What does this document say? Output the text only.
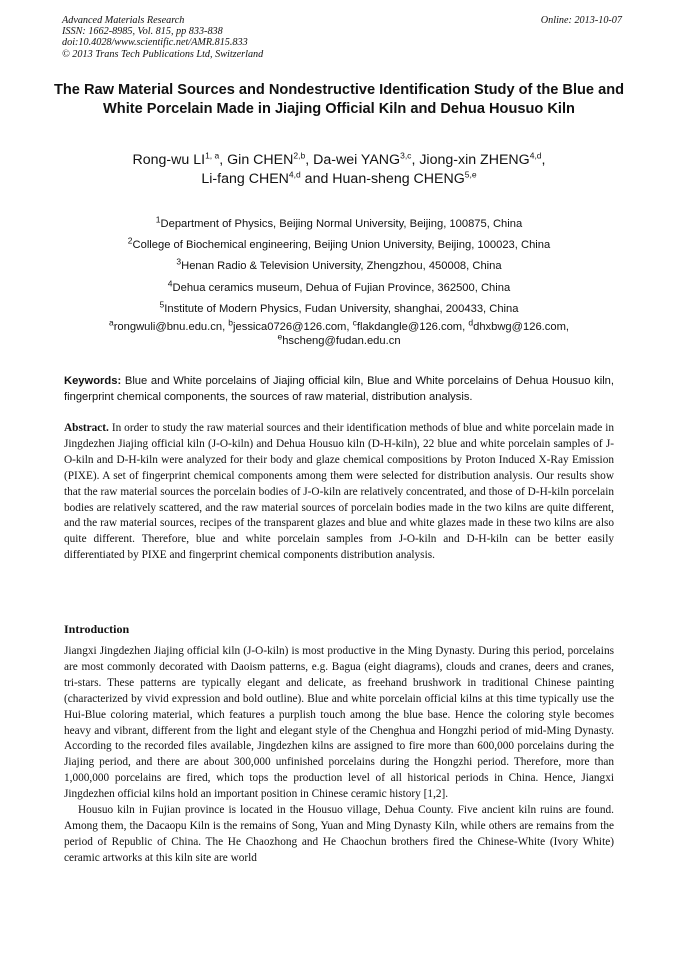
Advanced Materials Research	Online: 2013-10-07
ISSN: 1662-8985, Vol. 815, pp 833-838
doi:10.4028/www.scientific.net/AMR.815.833
© 2013 Trans Tech Publications Ltd, Switzerland
The Raw Material Sources and Nondestructive Identification Study of the Blue and White Porcelain Made in Jiajing Official Kiln and Dehua Housuo Kiln
Rong-wu LI$^{1, a}$, Gin CHEN$^{2,b}$, Da-wei YANG$^{3,c}$, Jiong-xin ZHENG$^{4,d}$,
Li-fang CHEN$^{4,d}$ and Huan-sheng CHENG$^{5,e}$
$^1$Department of Physics, Beijing Normal University, Beijing, 100875, China
$^2$College of Biochemical engineering, Beijing Union University, Beijing, 100023, China
$^3$Henan Radio & Television University, Zhengzhou, 450008, China
$^4$Dehua ceramics museum, Dehua of Fujian Province, 362500, China
$^5$Institute of Modern Physics, Fudan University, shanghai, 200433, China
$^a$rongwuli@bnu.edu.cn, $^b$jessica0726@126.com, $^c$flakdangle@126.com, $^d$dhxbwg@126.com,
$^e$hscheng@fudan.edu.cn
Keywords: Blue and White porcelains of Jiajing official kiln, Blue and White porcelains of Dehua Housuo kiln, fingerprint chemical components, the sources of raw material, distribution analysis.
Abstract. In order to study the raw material sources and their identification methods of blue and white porcelain made in Jingdezhen Jiajing official kiln (J-O-kiln) and Dehua Housuo kiln (D-H-kiln), 22 blue and white porcelain samples of J-O-kiln and D-H-kiln were analyzed for their body and glaze chemical compositions by Proton Induced X-Ray Emission (PIXE). A set of fingerprint chemical components among them were selected for distribution analysis. Our results show that the raw material sources the porcelain bodies of J-O-kiln are relatively concentrated, and those of D-H-kiln porcelain bodies are relatively scattered, and the raw material sources of porcelain bodies made in the two kilns are quite different, and the raw material sources, recipes of the transparent glazes and blue and white glazes made in these two kilns are also quite different. Therefore, blue and white porcelain samples from J-O-kiln and D-H-kiln can be better easily differentiated by PIXE and fingerprint chemical components distribution analysis.
Introduction

Jiangxi Jingdezhen Jiajing official kiln (J-O-kiln) is most productive in the Ming Dynasty. During this period, porcelains are most commonly decorated with Daoism patterns, e.g. Bagua (eight diagrams), clouds and cranes, deers and cranes, tri-stars. These patterns are typically elegant and delicate, as freehand brushwork in traditional Chinese painting (characterized by vivid expression and bold outline). Blue and white porcelain official kilns at this time typically use the Hui-Blue coloring material, which features a purplish touch among the blue base. Hence the coloring style becomes heavy and vibrant, different from the light and elegant style of the Chenghua and Hongzhi period of mid-Ming Dynasty. According to the recorded files available, Jingdezhen kilns are assigned to fire more than 600,000 porcelains during the Jiajing period, and there are about 300,000 unfinished porcelains during the Hongzhi period. Therefore, more than 1,000,000 porcelains are fired, which tops the production level of all historical periods in China. Hence, Jiangxi Jingdezhen official kilns hold an important position in Chinese ceramic history [1,2].

Housuo kiln in Fujian province is located in the Housuo village, Dehua County. Five ancient kiln ruins are found. Among them, the Dacaopu Kiln is the remains of Song, Yuan and Ming Dynasty Kiln, while others are remains from the period of Republic of China. The He Chaozhong and He Chaochun brothers fired the Chinese-White (Ivory White) ceramic artworks at this kiln site are world
